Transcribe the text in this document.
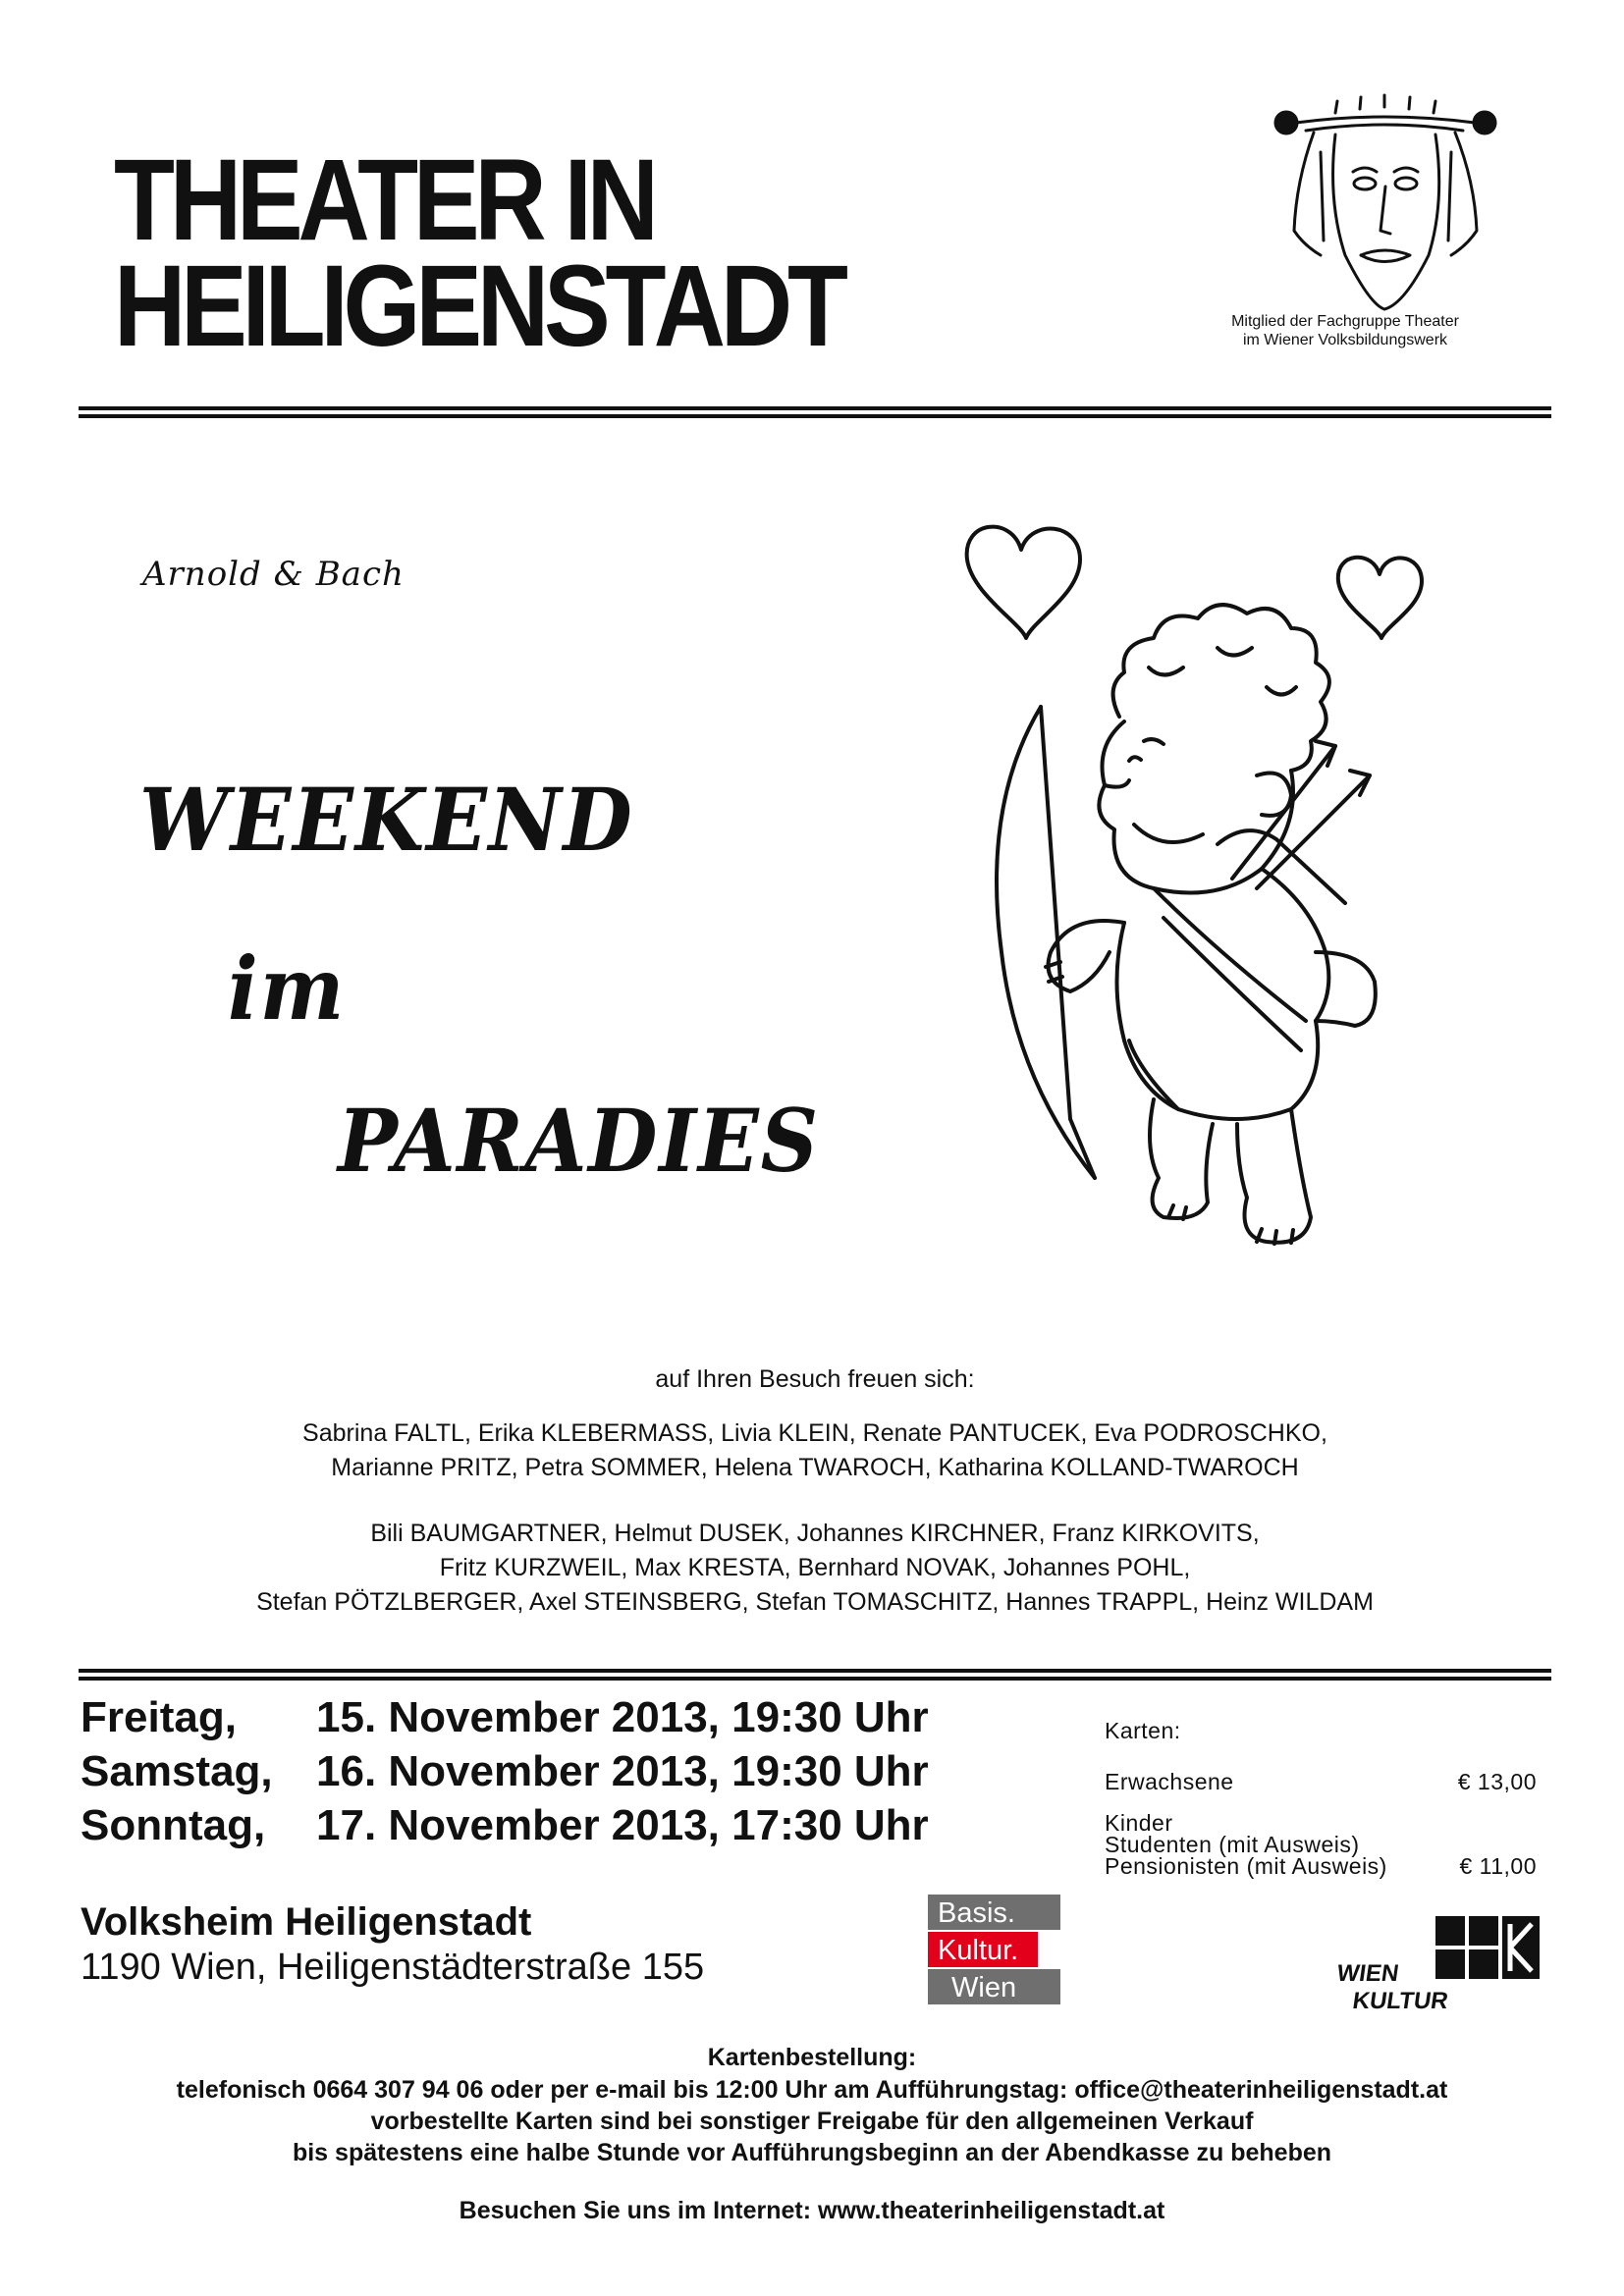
THEATER IN
HEILIGENSTADT	Mitglied der Fachgruppe Theater
im Wiener Volksbildungswerk
Arnold & Bach
WEEKEND
im
PARADIES
auf Ihren Besuch freuen sich:
Sabrina FALTL, Erika KLEBERMASS, Livia KLEIN, Renate PANTUCEK, Eva PODROSCHKO,
Marianne PRITZ, Petra SOMMER, Helena TWAROCH, Katharina KOLLAND-TWAROCH
Bili BAUMGARTNER, Helmut DUSEK, Johannes KIRCHNER, Franz KIRKOVITS,
Fritz KURZWEIL, Max KRESTA, Bernhard NOVAK, Johannes POHL,
Stefan PÖTZLBERGER, Axel STEINSBERG, Stefan TOMASCHITZ, Hannes TRAPPL, Heinz WILDAM
Freitag,	15. November 2013, 19:30 Uhr
Samstag,	16. November 2013, 19:30 Uhr
Sonntag,	17. November 2013, 17:30 Uhr
Karten:
Erwachsene	€ 13,00
Kinder
Studenten (mit Ausweis)
Pensionisten (mit Ausweis)	€ 11,00
Volksheim Heiligenstadt
1190 Wien, Heiligenstädterstraße 155
Basis.
Kultur.
Wien	WIEN
KULTUR
Kartenbestellung:
telefonisch 0664 307 94 06 oder per e-mail bis 12:00 Uhr am Aufführungstag: office@theaterinheiligenstadt.at
vorbestellte Karten sind bei sonstiger Freigabe für den allgemeinen Verkauf
bis spätestens eine halbe Stunde vor Aufführungsbeginn an der Abendkasse zu beheben
Besuchen Sie uns im Internet: www.theaterinheiligenstadt.at
